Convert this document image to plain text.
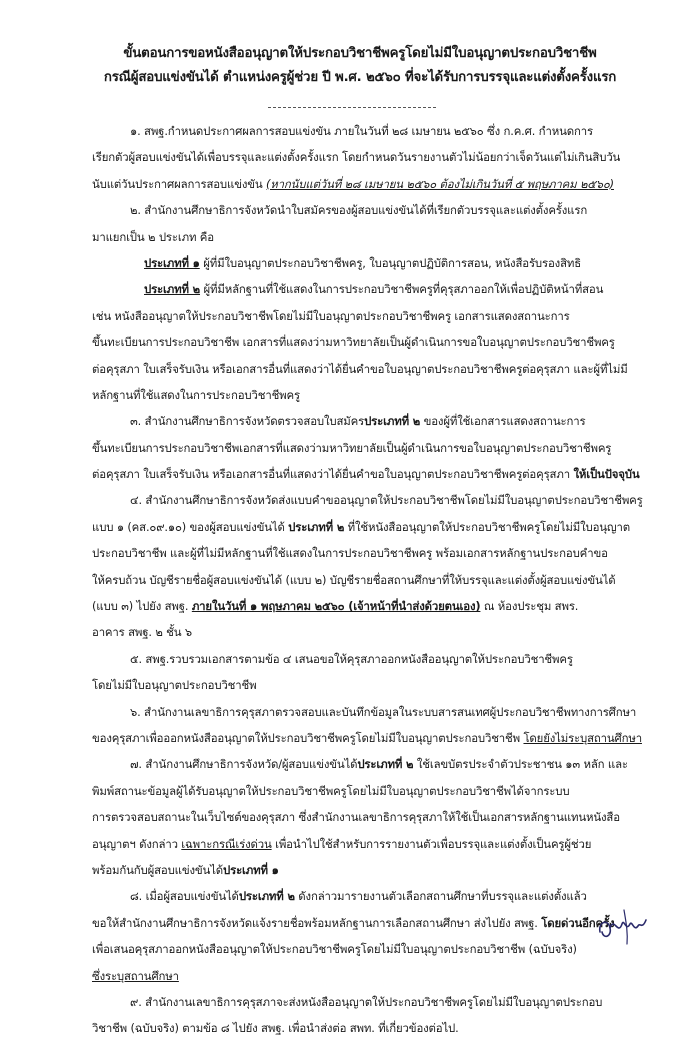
ขั้นตอนการขอหนังสืออนุญาตให้ประกอบวิชาชีพครูโดยไม่มีใบอนุญาตประกอบวิชาชีพ
กรณีผู้สอบแข่งขันได้ ตำแหน่งครูผู้ช่วย ปี พ.ศ. ๒๕๖๐ ที่จะได้รับการบรรจุและแต่งตั้งครั้งแรก
๑. สพฐ.กำหนดประกาศผลการสอบแข่งขัน ภายในวันที่ ๒๘ เมษายน ๒๕๖๐ ซึ่ง ก.ค.ศ. กำหนดการ
เรียกตัวผู้สอบแข่งขันได้เพื่อบรรจุและแต่งตั้งครั้งแรก โดยกำหนดวันรายงานตัวไม่น้อยกว่าเจ็ดวันแต่ไม่เกินสิบวัน
นับแต่วันประกาศผลการสอบแข่งขัน (หากนับแต่วันที่ ๒๘ เมษายน ๒๕๖๐ ต้องไม่เกินวันที่ ๕ พฤษภาคม ๒๕๖๐)
๒. สำนักงานศึกษาธิการจังหวัดนำใบสมัครของผู้สอบแข่งขันได้ที่เรียกตัวบรรจุและแต่งตั้งครั้งแรก
มาแยกเป็น ๒ ประเภท คือ
ประเภทที่ ๑ ผู้ที่มีใบอนุญาตประกอบวิชาชีพครู, ใบอนุญาตปฏิบัติการสอน, หนังสือรับรองสิทธิ
ประเภทที่ ๒ ผู้ที่มีหลักฐานที่ใช้แสดงในการประกอบวิชาชีพครูที่คุรุสภาออกให้เพื่อปฏิบัติหน้าที่สอน
เช่น หนังสืออนุญาตให้ประกอบวิชาชีพโดยไม่มีใบอนุญาตประกอบวิชาชีพครู เอกสารแสดงสถานะการ
ขึ้นทะเบียนการประกอบวิชาชีพ เอกสารที่แสดงว่ามหาวิทยาลัยเป็นผู้ดำเนินการขอใบอนุญาตประกอบวิชาชีพครู
ต่อคุรุสภา ใบเสร็จรับเงิน หรือเอกสารอื่นที่แสดงว่าได้ยื่นคำขอใบอนุญาตประกอบวิชาชีพครูต่อคุรุสภา และผู้ที่ไม่มี
หลักฐานที่ใช้แสดงในการประกอบวิชาชีพครู
๓. สำนักงานศึกษาธิการจังหวัดตรวจสอบใบสมัครประเภทที่ ๒ ของผู้ที่ใช้เอกสารแสดงสถานะการ
ขึ้นทะเบียนการประกอบวิชาชีพเอกสารที่แสดงว่ามหาวิทยาลัยเป็นผู้ดำเนินการขอใบอนุญาตประกอบวิชาชีพครู
ต่อคุรุสภา ใบเสร็จรับเงิน หรือเอกสารอื่นที่แสดงว่าได้ยื่นคำขอใบอนุญาตประกอบวิชาชีพครูต่อคุรุสภา ให้เป็นปัจจุบัน
๔. สำนักงานศึกษาธิการจังหวัดส่งแบบคำขออนุญาตให้ประกอบวิชาชีพโดยไม่มีใบอนุญาตประกอบวิชาชีพครู
แบบ ๑ (คส.๐๙.๑๐) ของผู้สอบแข่งขันได้ ประเภทที่ ๒ ที่ใช้หนังสืออนุญาตให้ประกอบวิชาชีพครูโดยไม่มีใบอนุญาต
ประกอบวิชาชีพ และผู้ที่ไม่มีหลักฐานที่ใช้แสดงในการประกอบวิชาชีพครู พร้อมเอกสารหลักฐานประกอบคำขอ
ให้ครบถ้วน บัญชีรายชื่อผู้สอบแข่งขันได้ (แบบ ๒) บัญชีรายชื่อสถานศึกษาที่ให้บรรจุและแต่งตั้งผู้สอบแข่งขันได้
(แบบ ๓) ไปยัง สพฐ. ภายในวันที่ ๑ พฤษภาคม ๒๕๖๐ (เจ้าหน้าที่นำส่งด้วยตนเอง) ณ ห้องประชุม สพร.
อาคาร สพฐ. ๒ ชั้น ๖
๕. สพฐ.รวบรวมเอกสารตามข้อ ๔ เสนอขอให้คุรุสภาออกหนังสืออนุญาตให้ประกอบวิชาชีพครู
โดยไม่มีใบอนุญาตประกอบวิชาชีพ
๖. สำนักงานเลขาธิการคุรุสภาตรวจสอบและบันทึกข้อมูลในระบบสารสนเทศผู้ประกอบวิชาชีพทางการศึกษา
ของคุรุสภาเพื่อออกหนังสืออนุญาตให้ประกอบวิชาชีพครูโดยไม่มีใบอนุญาตประกอบวิชาชีพ โดยยังไม่ระบุสถานศึกษา
๗. สำนักงานศึกษาธิการจังหวัด/ผู้สอบแข่งขันได้ประเภทที่ ๒ ใช้เลขบัตรประจำตัวประชาชน ๑๓ หลัก และ
พิมพ์สถานะข้อมูลผู้ได้รับอนุญาตให้ประกอบวิชาชีพครูโดยไม่มีใบอนุญาตประกอบวิชาชีพได้จากระบบ
การตรวจสอบสถานะในเว็บไซต์ของคุรุสภา ซึ่งสำนักงานเลขาธิการคุรุสภาให้ใช้เป็นเอกสารหลักฐานแทนหนังสือ
อนุญาตฯ ดังกล่าว เฉพาะกรณีเร่งด่วน เพื่อนำไปใช้สำหรับการรายงานตัวเพื่อบรรจุและแต่งตั้งเป็นครูผู้ช่วย
พร้อมกันกับผู้สอบแข่งขันได้ประเภทที่ ๑
๘. เมื่อผู้สอบแข่งขันได้ประเภทที่ ๒ ดังกล่าวมารายงานตัวเลือกสถานศึกษาที่บรรจุและแต่งตั้งแล้ว
ขอให้สำนักงานศึกษาธิการจังหวัดแจ้งรายชื่อพร้อมหลักฐานการเลือกสถานศึกษา ส่งไปยัง สพฐ. โดยด่วนอีกครั้ง
เพื่อเสนอคุรุสภาออกหนังสืออนุญาตให้ประกอบวิชาชีพครูโดยไม่มีใบอนุญาตประกอบวิชาชีพ (ฉบับจริง)
ซึ่งระบุสถานศึกษา
๙. สำนักงานเลขาธิการคุรุสภาจะส่งหนังสืออนุญาตให้ประกอบวิชาชีพครูโดยไม่มีใบอนุญาตประกอบ
วิชาชีพ (ฉบับจริง) ตามข้อ ๘ ไปยัง สพฐ. เพื่อนำส่งต่อ สพท. ที่เกี่ยวข้องต่อไป.
